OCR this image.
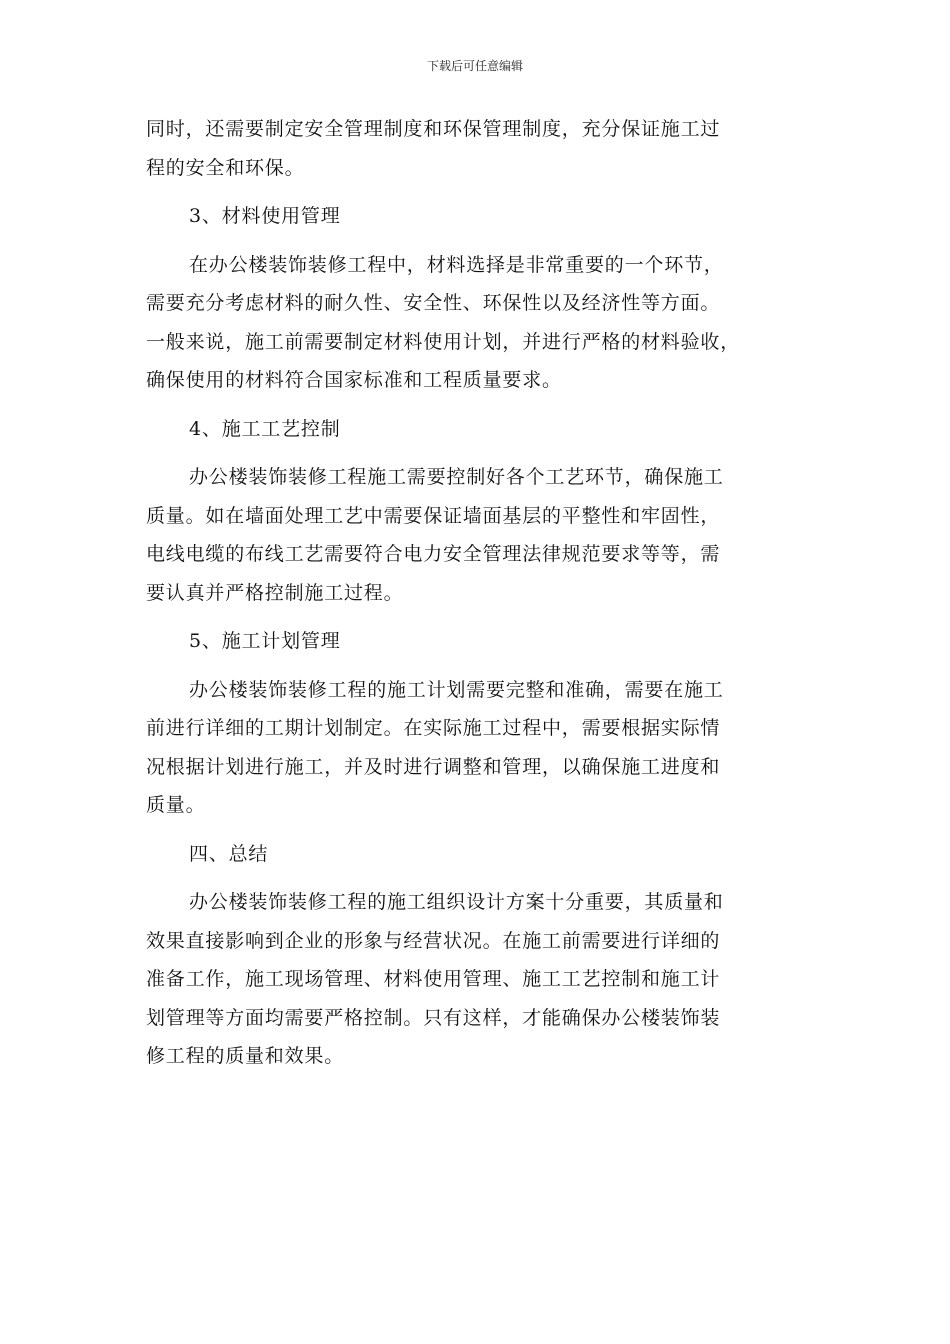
下载后可任意编辑
同时，还需要制定安全管理制度和环保管理制度，充分保证施工过
程的安全和环保。
3、材料使用管理
在办公楼装饰装修工程中，材料选择是非常重要的一个环节，
需要充分考虑材料的耐久性、安全性、环保性以及经济性等方面。
一般来说，施工前需要制定材料使用计划，并进行严格的材料验收，
确保使用的材料符合国家标准和工程质量要求。
4、施工工艺控制
办公楼装饰装修工程施工需要控制好各个工艺环节，确保施工
质量。如在墙面处理工艺中需要保证墙面基层的平整性和牢固性，
电线电缆的布线工艺需要符合电力安全管理法律规范要求等等，需
要认真并严格控制施工过程。
5、施工计划管理
办公楼装饰装修工程的施工计划需要完整和准确，需要在施工
前进行详细的工期计划制定。在实际施工过程中，需要根据实际情
况根据计划进行施工，并及时进行调整和管理，以确保施工进度和
质量。
四、总结
办公楼装饰装修工程的施工组织设计方案十分重要，其质量和
效果直接影响到企业的形象与经营状况。在施工前需要进行详细的
准备工作，施工现场管理、材料使用管理、施工工艺控制和施工计
划管理等方面均需要严格控制。只有这样，才能确保办公楼装饰装
修工程的质量和效果。
